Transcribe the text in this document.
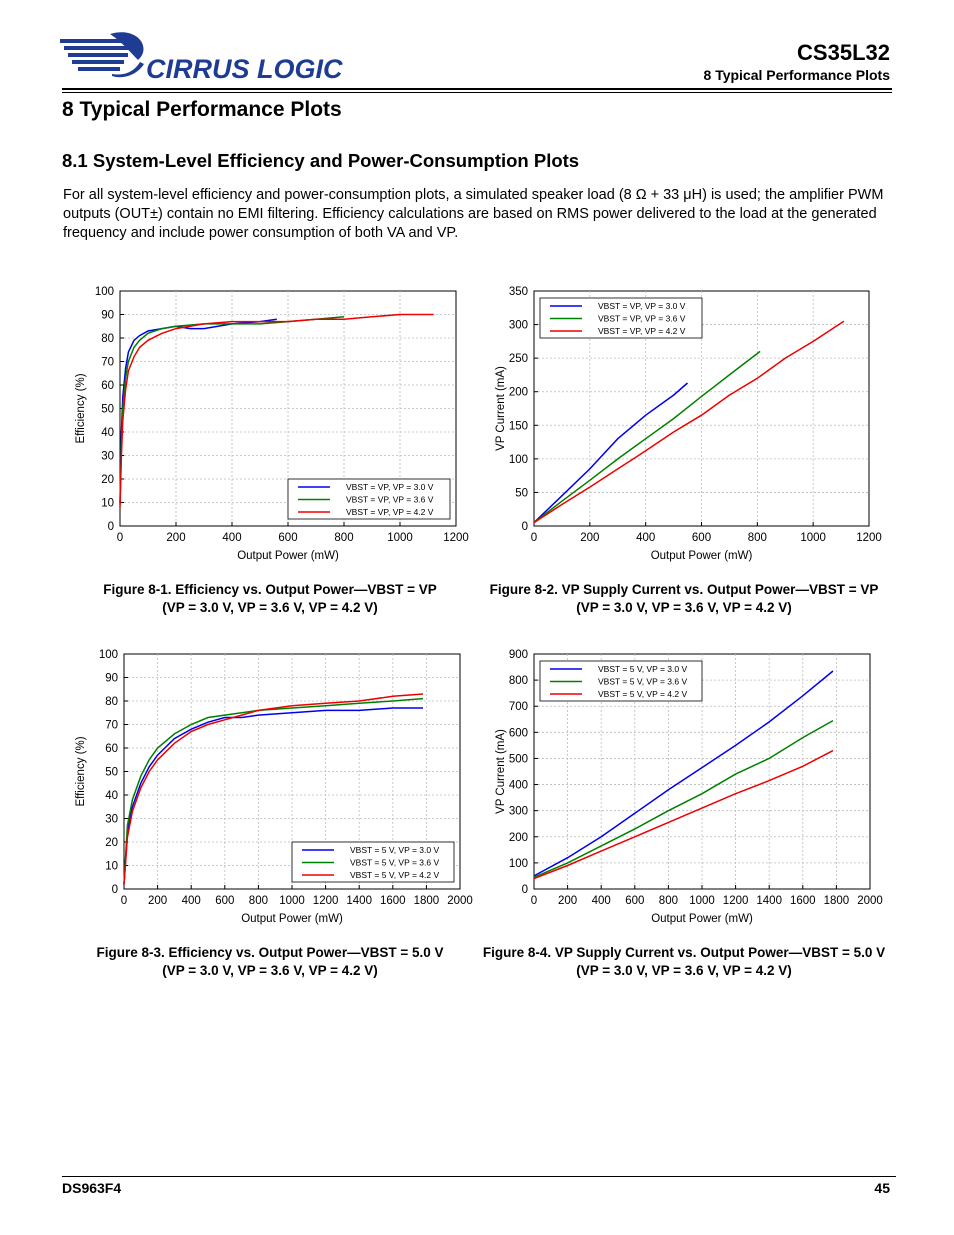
CIRRUS LOGIC
CS35L32
8 Typical Performance Plots
8 Typical Performance Plots
8.1 System-Level Efficiency and Power-Consumption Plots
For all system-level efficiency and power-consumption plots, a simulated speaker load (8 Ω + 33 μH) is used; the amplifier PWM outputs (OUT±) contain no EMI filtering. Efficiency calculations are based on RMS power delivered to the load at the generated frequency and include power consumption of both VA and VP.
0	200	400	600	800	1000	1200
0
10
20
30
40
50
60
70
80
90
100
Output Power (mW)
Efficiency (%)
VBST = VP, VP = 3.0 V
VBST = VP, VP = 3.6 V
VBST = VP, VP = 4.2 V
0	200	400	600	800	1000	1200
0
50
100
150
200
250
300
350
Output Power (mW)
VP Current (mA)
VBST = VP, VP = 3.0 V
VBST = VP, VP = 3.6 V
VBST = VP, VP = 4.2 V
0 200 400 600 800 1000 1200 1400 1600 1800 2000
0
10
20
30
40
50
60
70
80
90
100
Output Power (mW)
Efficiency (%)
VBST = 5 V, VP = 3.0 V
VBST = 5 V, VP = 3.6 V
VBST = 5 V, VP = 4.2 V
0 200 400 600 800 1000 1200 1400 1600 1800 2000
0
100
200
300
400
500
600
700
800
900
Output Power (mW)
VP Current (mA)
VBST = 5 V, VP = 3.0 V
VBST = 5 V, VP = 3.6 V
VBST = 5 V, VP = 4.2 V
Figure 8-1. Efficiency vs. Output Power—VBST = VP
(VP = 3.0 V, VP = 3.6 V, VP = 4.2 V)
Figure 8-2. VP Supply Current vs. Output Power—VBST = VP
(VP = 3.0 V, VP = 3.6 V, VP = 4.2 V)
Figure 8-3. Efficiency vs. Output Power—VBST = 5.0 V
(VP = 3.0 V, VP = 3.6 V, VP = 4.2 V)
Figure 8-4. VP Supply Current vs. Output Power—VBST = 5.0 V
(VP = 3.0 V, VP = 3.6 V, VP = 4.2 V)
DS963F4	45
